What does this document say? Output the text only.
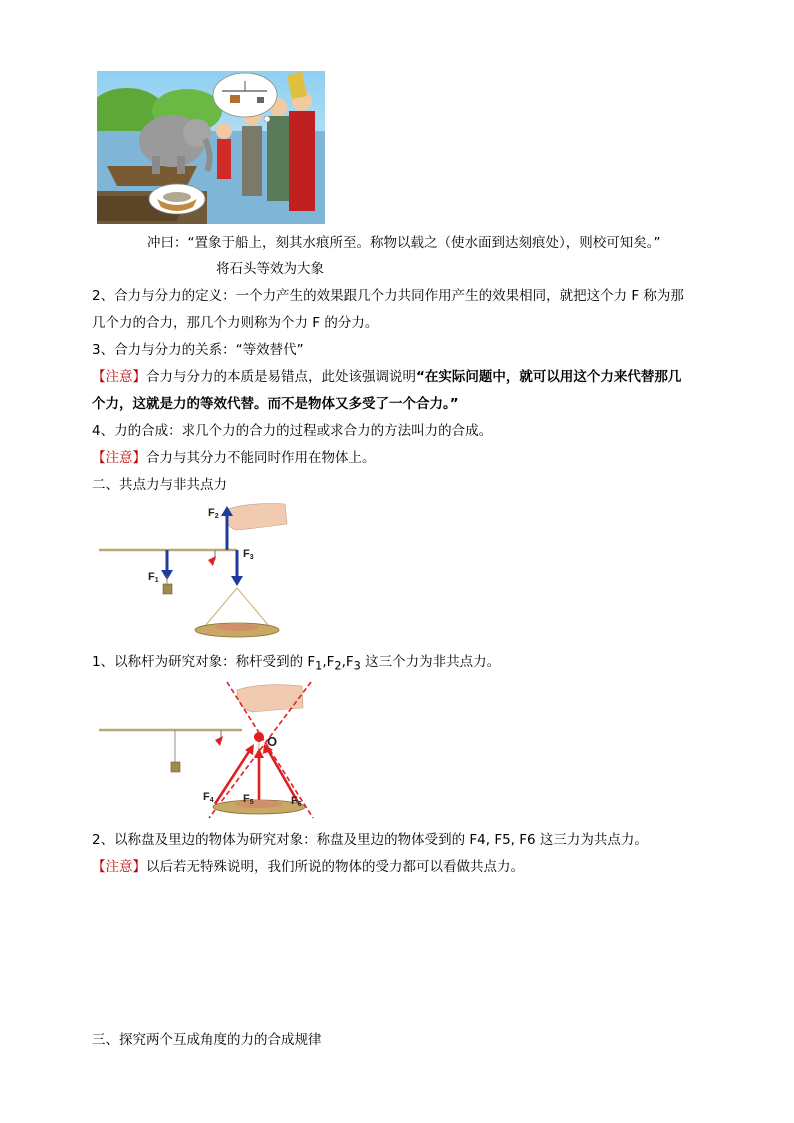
冲曰：“置象于船上，刻其水痕所至。称物以载之（使水面到达刻痕处），则校可知矣。”
将石头等效为大象
2、合力与分力的定义：一个力产生的效果跟几个力共同作用产生的效果相同，就把这个力 F 称为那
几个力的合力，那几个力则称为个力 F 的分力。
3、合力与分力的关系：“等效替代”
【注意】合力与分力的本质是易错点，此处该强调说明“在实际问题中，就可以用这个力来代替那几
个力，这就是力的等效代替。而不是物体又多受了一个合力。”
4、力的合成：求几个力的合力的过程或求合力的方法叫力的合成。
【注意】合力与其分力不能同时作用在物体上。
二、共点力与非共点力
F2
F1
F3
1、以称杆为研究对象：称杆受到的 $F_1,F_2,F_3$ 这三个力为非共点力。
O
F4	F5	F6
2、以称盘及里边的物体为研究对象：称盘及里边的物体受到的 F4, F5, F6 这三力为共点力。
【注意】以后若无特殊说明，我们所说的物体的受力都可以看做共点力。
三、探究两个互成角度的力的合成规律
